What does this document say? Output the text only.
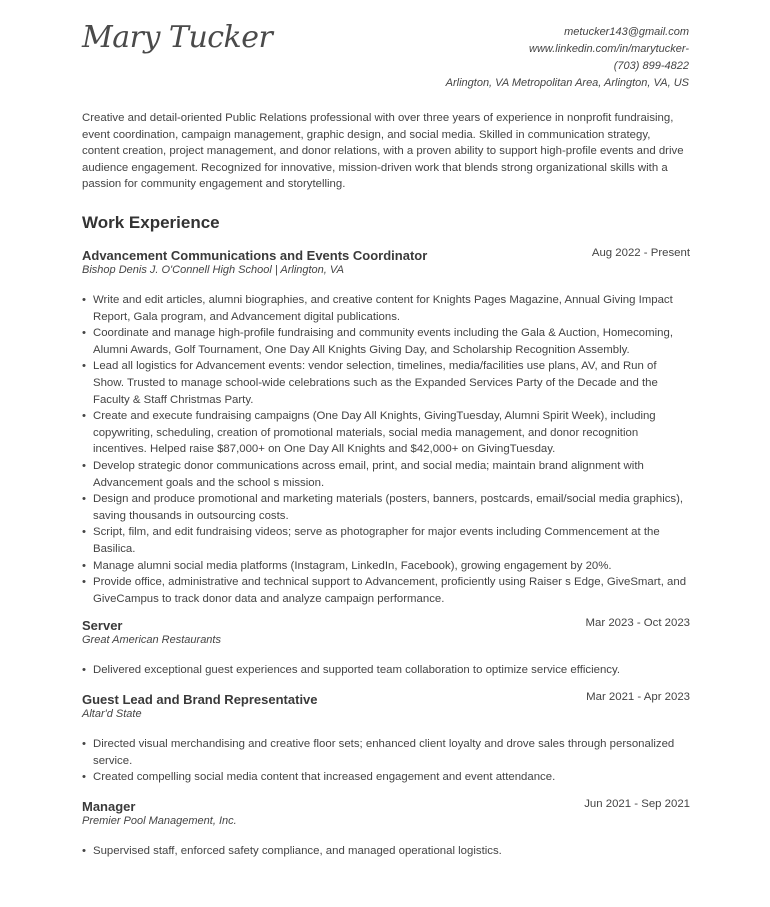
Mary Tucker	metucker143@gmail.com
www.linkedin.com/in/marytucker-
(703) 899-4822
Arlington, VA Metropolitan Area, Arlington, VA, US
Creative and detail-oriented Public Relations professional with over three years of experience in nonprofit fundraising, event coordination, campaign management, graphic design, and social media. Skilled in communication strategy, content creation, project management, and donor relations, with a proven ability to support high-profile events and drive audience engagement. Recognized for innovative, mission-driven work that blends strong organizational skills with a passion for community engagement and storytelling.
Work Experience
Advancement Communications and Events Coordinator	Aug 2022 - Present
Bishop Denis J. O'Connell High School | Arlington, VA
• Write and edit articles, alumni biographies, and creative content for Knights Pages Magazine, Annual Giving Impact Report, Gala program, and Advancement digital publications.
• Coordinate and manage high-profile fundraising and community events including the Gala & Auction, Homecoming, Alumni Awards, Golf Tournament, One Day All Knights Giving Day, and Scholarship Recognition Assembly.
• Lead all logistics for Advancement events: vendor selection, timelines, media/facilities use plans, AV, and Run of Show. Trusted to manage school-wide celebrations such as the Expanded Services Party of the Decade and the Faculty & Staff Christmas Party.
• Create and execute fundraising campaigns (One Day All Knights, GivingTuesday, Alumni Spirit Week), including copywriting, scheduling, creation of promotional materials, social media management, and donor recognition incentives. Helped raise $87,000+ on One Day All Knights and $42,000+ on GivingTuesday.
• Develop strategic donor communications across email, print, and social media; maintain brand alignment with Advancement goals and the school s mission.
• Design and produce promotional and marketing materials (posters, banners, postcards, email/social media graphics), saving thousands in outsourcing costs.
• Script, film, and edit fundraising videos; serve as photographer for major events including Commencement at the Basilica.
• Manage alumni social media platforms (Instagram, LinkedIn, Facebook), growing engagement by 20%.
• Provide office, administrative and technical support to Advancement, proficiently using Raiser s Edge, GiveSmart, and GiveCampus to track donor data and analyze campaign performance.
Server	Mar 2023 - Oct 2023
Great American Restaurants
• Delivered exceptional guest experiences and supported team collaboration to optimize service efficiency.
Guest Lead and Brand Representative	Mar 2021 - Apr 2023
Altar'd State
• Directed visual merchandising and creative floor sets; enhanced client loyalty and drove sales through personalized service.
• Created compelling social media content that increased engagement and event attendance.
Manager	Jun 2021 - Sep 2021
Premier Pool Management, Inc.
• Supervised staff, enforced safety compliance, and managed operational logistics.
